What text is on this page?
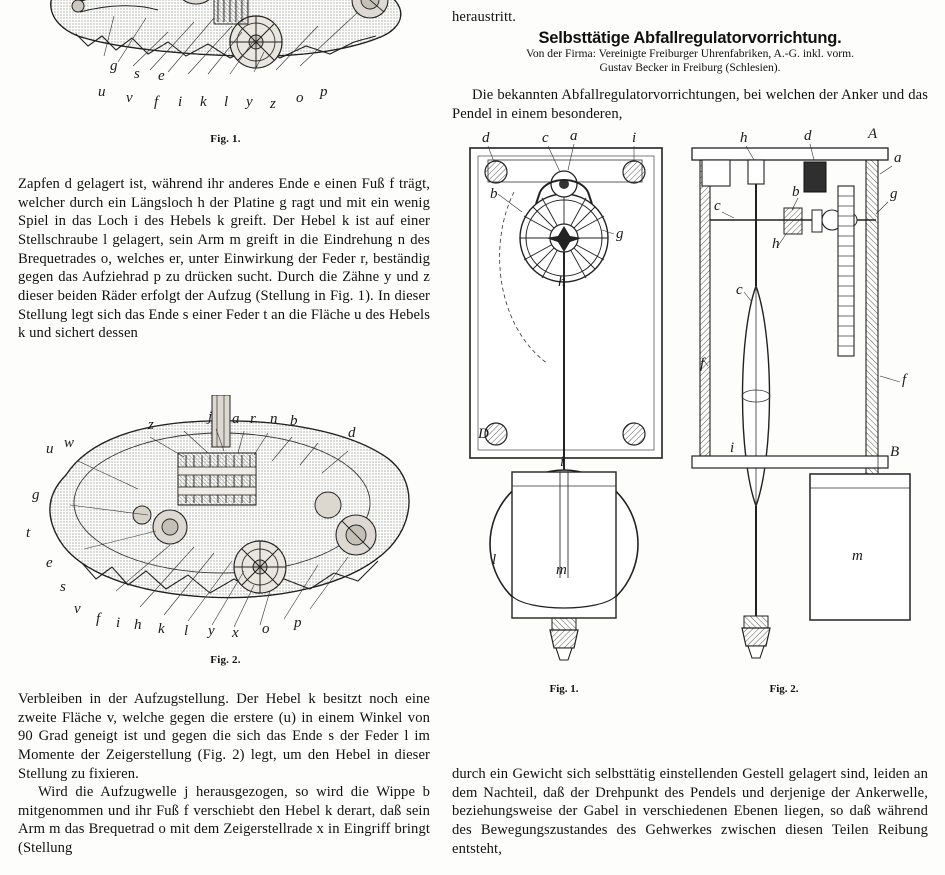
g s e
u v f i k l y z o p
Fig. 1.

Zapfen d gelagert ist, während ihr anderes Ende e einen Fuß f trägt, welcher durch ein Längsloch h der Platine g ragt und mit ein wenig Spiel in das Loch i des Hebels k greift. Der Hebel k ist auf einer Stellschraube l gelagert, sein Arm m greift in die Eindrehung n des Brequetrades o, welches er, unter Einwirkung der Feder r, beständig gegen das Aufziehrad p zu drücken sucht. Durch die Zähne y und z dieser beiden Räder erfolgt der Aufzug (Stellung in Fig. 1). In dieser Stellung legt sich das Ende s einer Feder t an die Fläche u des Hebels k und sichert dessen

z	j a r n b
d
u w
g
t
e
s
v
f i h k l y x o p
Fig. 2.

Verbleiben in der Aufzugstellung. Der Hebel k besitzt noch eine zweite Fläche v, welche gegen die erstere (u) in einem Winkel von 90 Grad geneigt ist und gegen die sich das Ende s der Feder l im Momente der Zeigerstellung (Fig. 2) legt, um den Hebel in dieser Stellung zu fixieren.

Wird die Aufzugwelle j herausgezogen, so wird die Wippe b mitgenommen und ihr Fuß f verschiebt den Hebel k derart, daß sein Arm m das Brequetrad o mit dem Zeigerstellrade x in Eingriff bringt (Stellung

heraustritt.

Selbsttätige Abfallregulatorvorrichtung.
Von der Firma: Vereinigte Freiburger Uhrenfabriken, A.-G. inkl. vorm.
Gustav Becker in Freiburg (Schlesien).

Die bekannten Abfallregulatorvorrichtungen, bei welchen der Anker und das Pendel in einem besonderen,

d	c a	i
b
g
h
D
i
l
m
h	d	A
a
b	g
c
h
c
f
i
f
B
m
Fig. 1.	Fig. 2.

durch ein Gewicht sich selbsttätig einstellenden Gestell gelagert sind, leiden an dem Nachteil, daß der Drehpunkt des Pendels und derjenige der Ankerwelle, beziehungsweise der Gabel in verschiedenen Ebenen liegen, so daß während des Bewegungszustandes des Gehwerkes zwischen diesen Teilen Reibung entsteht,
